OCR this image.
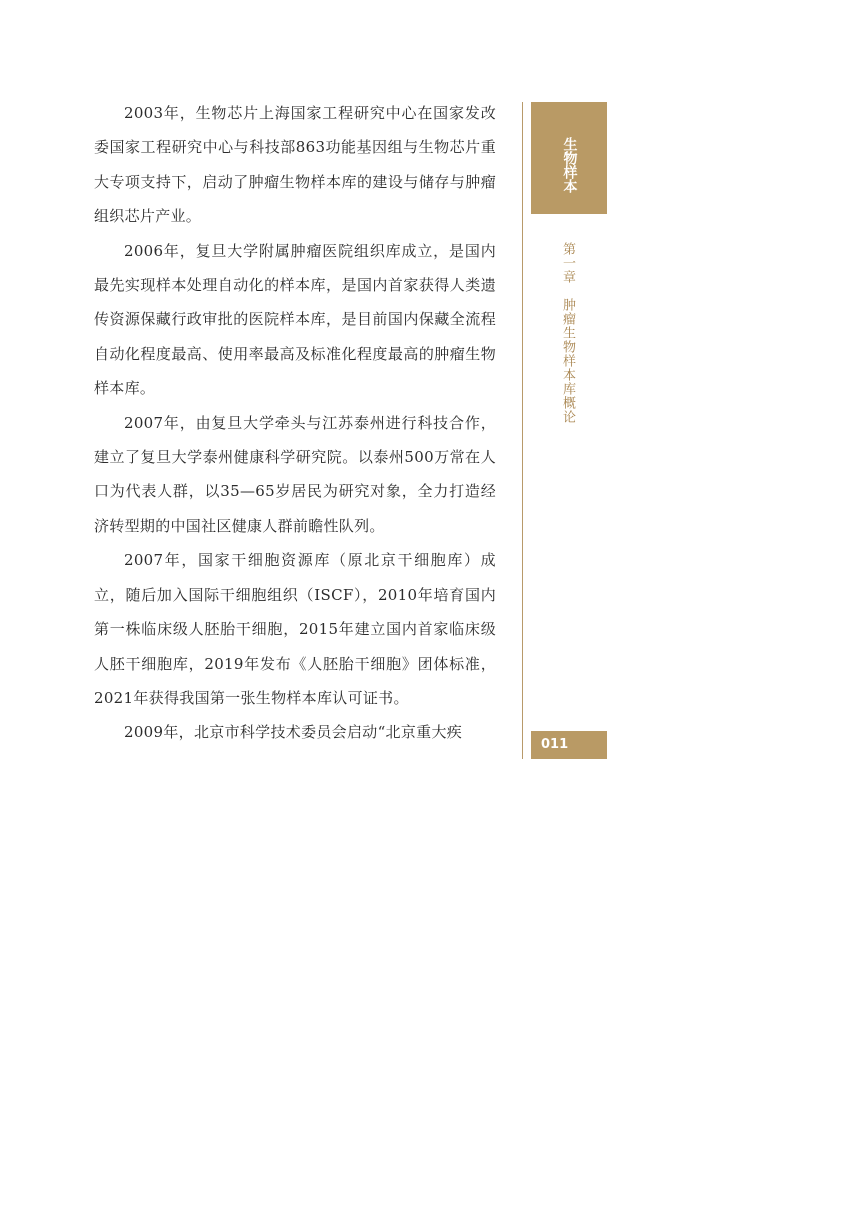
2003年，生物芯片上海国家工程研究中心在国家发改委国家工程研究中心与科技部863功能基因组与生物芯片重大专项支持下，启动了肿瘤生物样本库的建设与储存与肿瘤组织芯片产业。

2006年，复旦大学附属肿瘤医院组织库成立，是国内最先实现样本处理自动化的样本库，是国内首家获得人类遗传资源保藏行政审批的医院样本库，是目前国内保藏全流程自动化程度最高、使用率最高及标准化程度最高的肿瘤生物样本库。

2007年，由复旦大学牵头与江苏泰州进行科技合作，建立了复旦大学泰州健康科学研究院。以泰州500万常在人口为代表人群，以35—65岁居民为研究对象，全力打造经济转型期的中国社区健康人群前瞻性队列。

2007年，国家干细胞资源库（原北京干细胞库）成立，随后加入国际干细胞组织（ISCF），2010年培育国内第一株临床级人胚胎干细胞，2015年建立国内首家临床级人胚干细胞库，2019年发布《人胚胎干细胞》团体标准，2021年获得我国第一张生物样本库认可证书。

2009年，北京市科学技术委员会启动“北京重大疾

生物样本
第一章　肿瘤生物样本库概论
011
